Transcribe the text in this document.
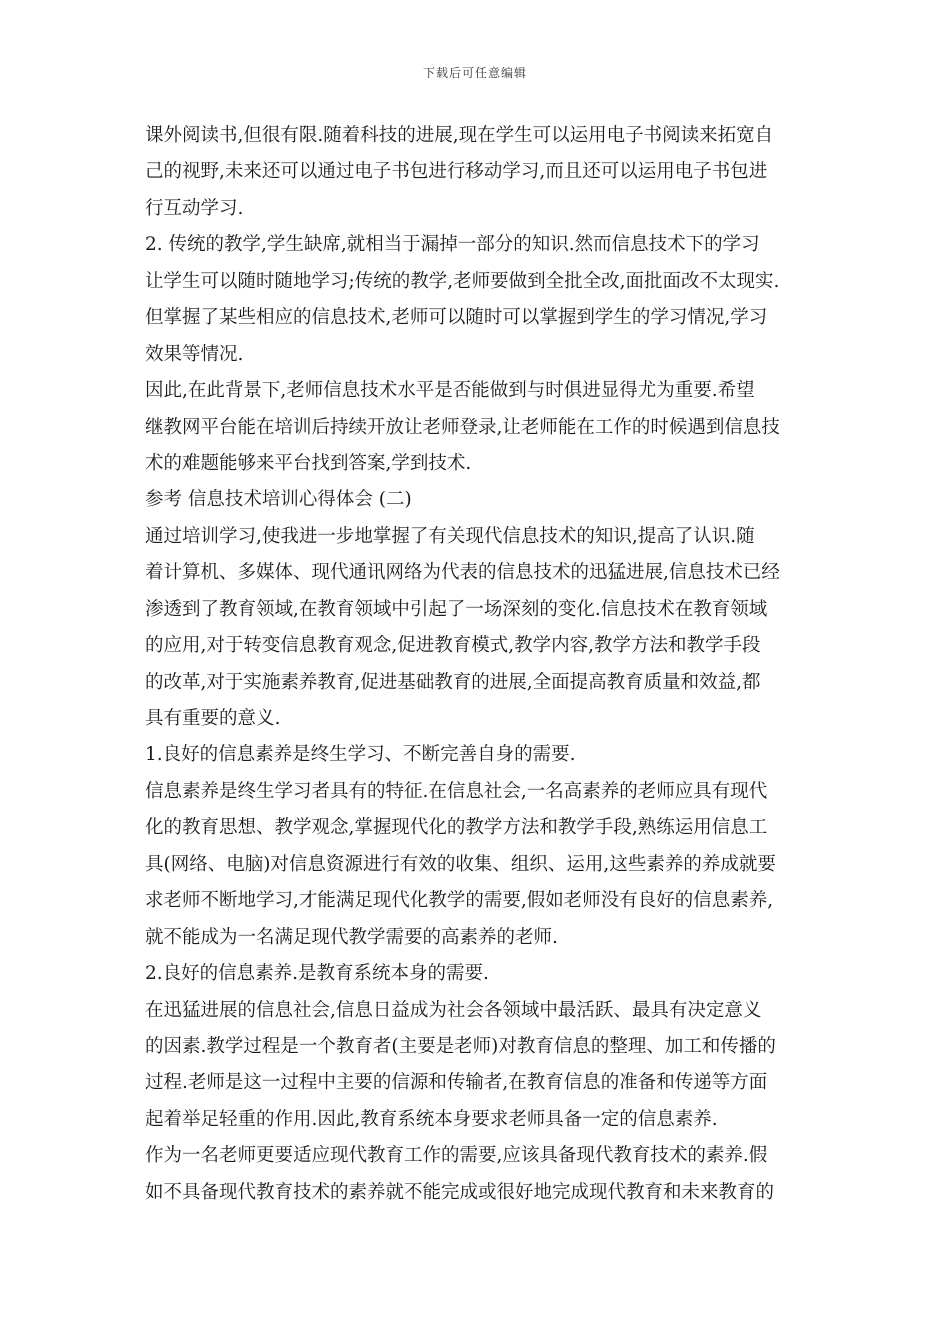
下载后可任意编辑
课外阅读书,但很有限.随着科技的进展,现在学生可以运用电子书阅读来拓宽自
己的视野,未来还可以通过电子书包进行移动学习,而且还可以运用电子书包进
行互动学习.
2. 传统的教学,学生缺席,就相当于漏掉一部分的知识.然而信息技术下的学习
让学生可以随时随地学习;传统的教学,老师要做到全批全改,面批面改不太现实.
但掌握了某些相应的信息技术,老师可以随时可以掌握到学生的学习情况,学习
效果等情况.
因此,在此背景下,老师信息技术水平是否能做到与时俱进显得尤为重要.希望
继教网平台能在培训后持续开放让老师登录,让老师能在工作的时候遇到信息技
术的难题能够来平台找到答案,学到技术.
参考 信息技术培训心得体会 (二)
通过培训学习,使我进一步地掌握了有关现代信息技术的知识,提高了认识.随
着计算机、多媒体、现代通讯网络为代表的信息技术的迅猛进展,信息技术已经
渗透到了教育领域,在教育领域中引起了一场深刻的变化.信息技术在教育领域
的应用,对于转变信息教育观念,促进教育模式,教学内容,教学方法和教学手段
的改革,对于实施素养教育,促进基础教育的进展,全面提高教育质量和效益,都
具有重要的意义.
1.良好的信息素养是终生学习、不断完善自身的需要.
信息素养是终生学习者具有的特征.在信息社会,一名高素养的老师应具有现代
化的教育思想、教学观念,掌握现代化的教学方法和教学手段,熟练运用信息工
具(网络、电脑)对信息资源进行有效的收集、组织、运用,这些素养的养成就要
求老师不断地学习,才能满足现代化教学的需要,假如老师没有良好的信息素养,
就不能成为一名满足现代教学需要的高素养的老师.
2.良好的信息素养.是教育系统本身的需要.
在迅猛进展的信息社会,信息日益成为社会各领域中最活跃、最具有决定意义
的因素.教学过程是一个教育者(主要是老师)对教育信息的整理、加工和传播的
过程.老师是这一过程中主要的信源和传输者,在教育信息的准备和传递等方面
起着举足轻重的作用.因此,教育系统本身要求老师具备一定的信息素养.
作为一名老师更要适应现代教育工作的需要,应该具备现代教育技术的素养.假
如不具备现代教育技术的素养就不能完成或很好地完成现代教育和未来教育的
